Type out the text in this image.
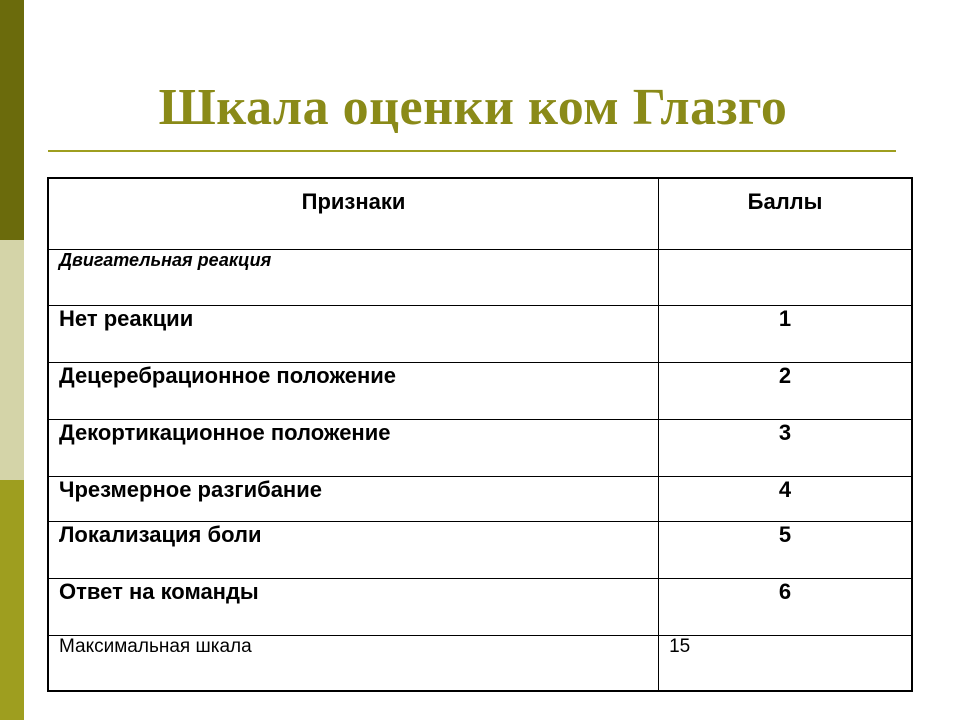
Шкала оценки ком Глазго
Признаки	Баллы
Двигательная реакция	
Нет реакции	1
Децеребрационное положение	2
Декортикационное положение	3
Чрезмерное разгибание	4
Локализация боли	5
Ответ на команды	6
Максимальная шкала	15
